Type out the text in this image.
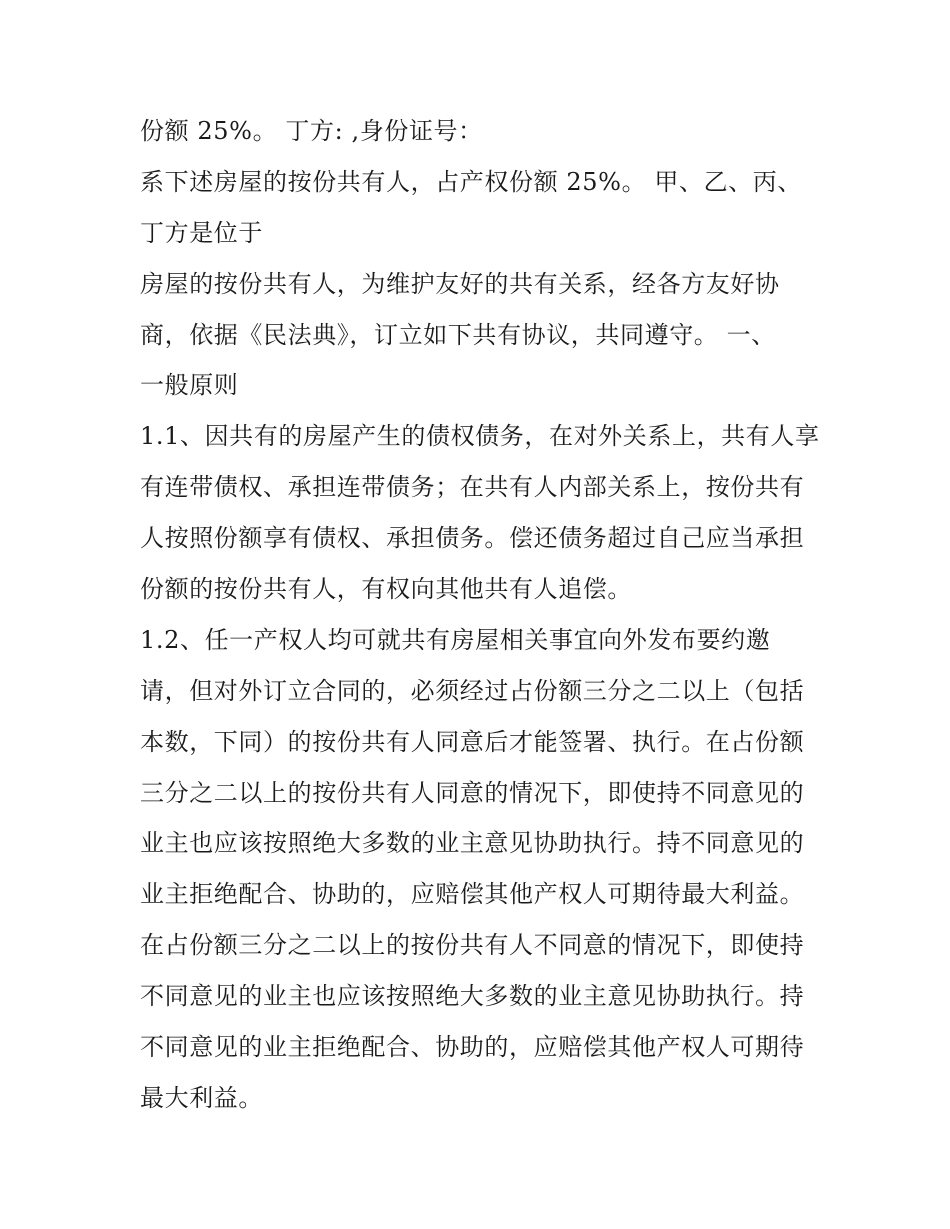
份额 25%。 丁方: ,身份证号：
系下述房屋的按份共有人，占产权份额 25%。 甲、乙、丙、
丁方是位于
房屋的按份共有人，为维护友好的共有关系，经各方友好协
商，依据《民法典》，订立如下共有协议，共同遵守。 一、
一般原则
1.1、因共有的房屋产生的债权债务，在对外关系上，共有人享
有连带债权、承担连带债务；在共有人内部关系上，按份共有
人按照份额享有债权、承担债务。偿还债务超过自己应当承担
份额的按份共有人，有权向其他共有人追偿。
1.2、任一产权人均可就共有房屋相关事宜向外发布要约邀
请，但对外订立合同的，必须经过占份额三分之二以上（包括
本数，下同）的按份共有人同意后才能签署、执行。在占份额
三分之二以上的按份共有人同意的情况下，即使持不同意见的
业主也应该按照绝大多数的业主意见协助执行。持不同意见的
业主拒绝配合、协助的，应赔偿其他产权人可期待最大利益。
在占份额三分之二以上的按份共有人不同意的情况下，即使持
不同意见的业主也应该按照绝大多数的业主意见协助执行。持
不同意见的业主拒绝配合、协助的，应赔偿其他产权人可期待
最大利益。
